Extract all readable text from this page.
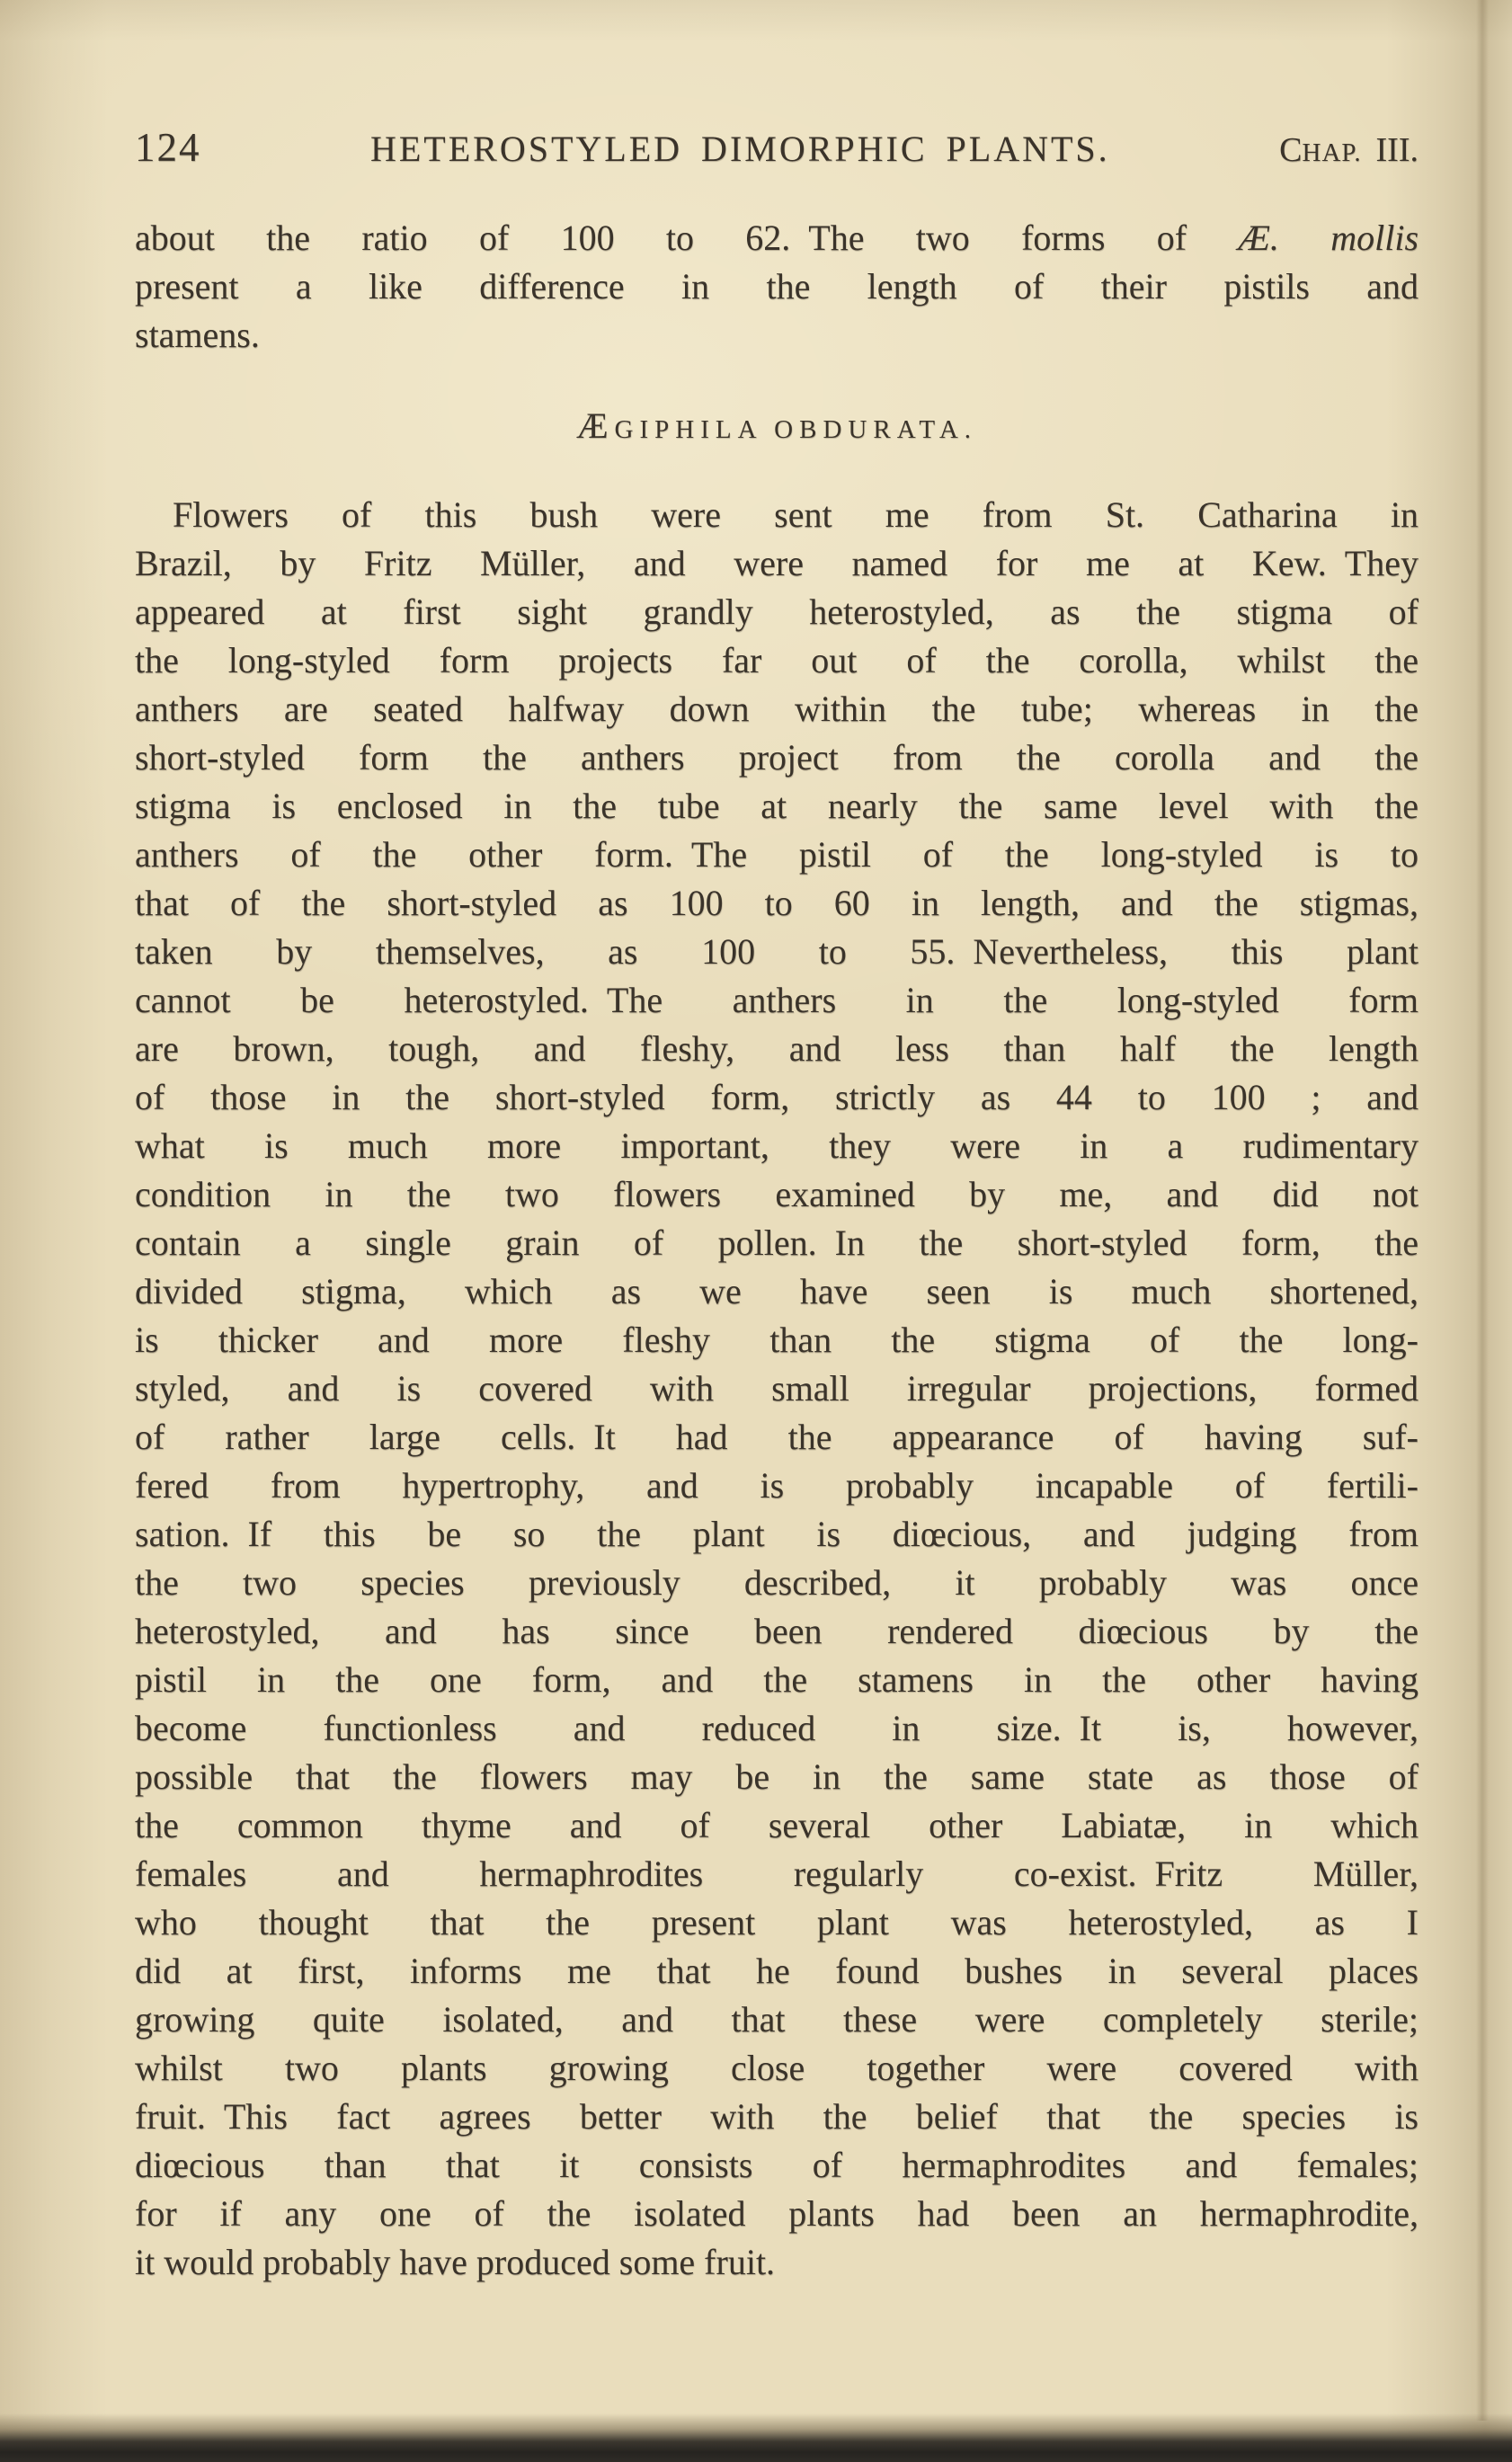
124	HETEROSTYLED DIMORPHIC PLANTS.	CHAP. III.
about the ratio of 100 to 62. The two forms of Æ. mollis
present a like difference in the length of their pistils and
stamens.
ÆGIPHILA OBDURATA.
Flowers of this bush were sent me from St. Catharina in
Brazil, by Fritz Müller, and were named for me at Kew. They
appeared at first sight grandly heterostyled, as the stigma of
the long-styled form projects far out of the corolla, whilst the
anthers are seated halfway down within the tube; whereas in the
short-styled form the anthers project from the corolla and the
stigma is enclosed in the tube at nearly the same level with the
anthers of the other form. The pistil of the long-styled is to
that of the short-styled as 100 to 60 in length, and the stigmas,
taken by themselves, as 100 to 55. Nevertheless, this plant
cannot be heterostyled. The anthers in the long-styled form
are brown, tough, and fleshy, and less than half the length
of those in the short-styled form, strictly as 44 to 100 ; and
what is much more important, they were in a rudimentary
condition in the two flowers examined by me, and did not
contain a single grain of pollen. In the short-styled form, the
divided stigma, which as we have seen is much shortened,
is thicker and more fleshy than the stigma of the long-
styled, and is covered with small irregular projections, formed
of rather large cells. It had the appearance of having suf-
fered from hypertrophy, and is probably incapable of fertili-
sation. If this be so the plant is diœcious, and judging from
the two species previously described, it probably was once
heterostyled, and has since been rendered diœcious by the
pistil in the one form, and the stamens in the other having
become functionless and reduced in size. It is, however,
possible that the flowers may be in the same state as those of
the common thyme and of several other Labiatæ, in which
females and hermaphrodites regularly co-exist. Fritz Müller,
who thought that the present plant was heterostyled, as I
did at first, informs me that he found bushes in several places
growing quite isolated, and that these were completely sterile;
whilst two plants growing close together were covered with
fruit. This fact agrees better with the belief that the species is
diœcious than that it consists of hermaphrodites and females;
for if any one of the isolated plants had been an hermaphrodite,
it would probably have produced some fruit.
